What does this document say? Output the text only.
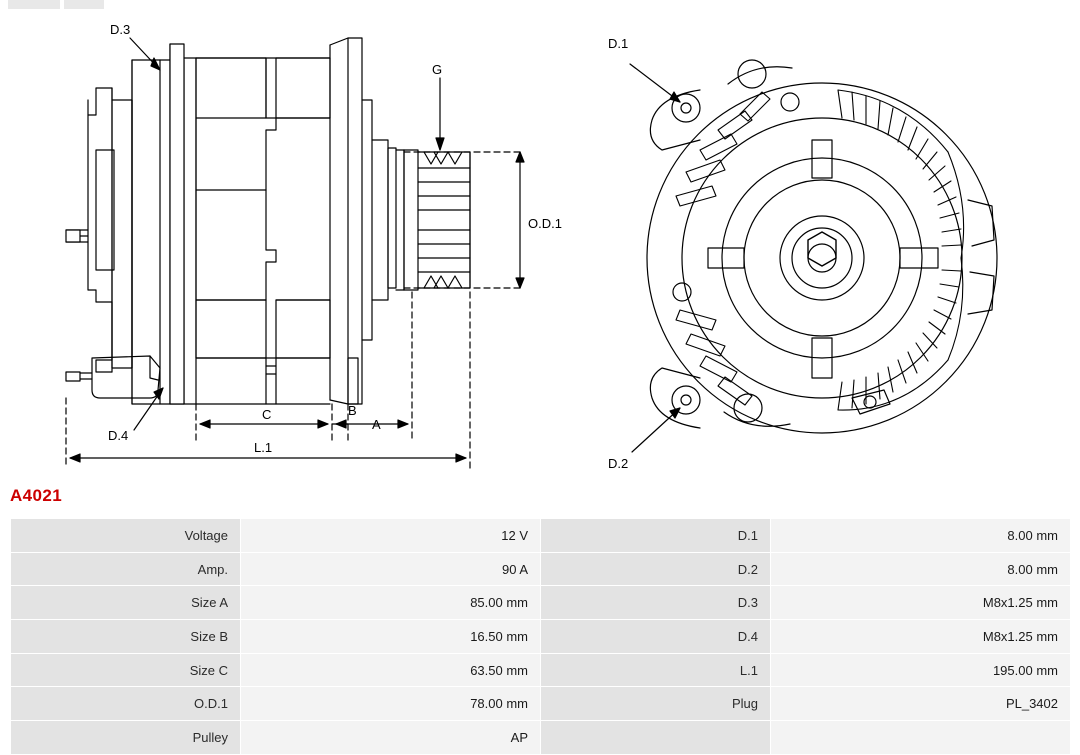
D.3
D.4
G
O.D.1
A
B
C
L.1
D.1
D.2
A4021
Voltage	12 V	D.1	8.00 mm
Amp.	90 A	D.2	8.00 mm
Size A	85.00 mm	D.3	M8x1.25 mm
Size B	16.50 mm	D.4	M8x1.25 mm
Size C	63.50 mm	L.1	195.00 mm
O.D.1	78.00 mm	Plug	PL_3402
Pulley	AP		
